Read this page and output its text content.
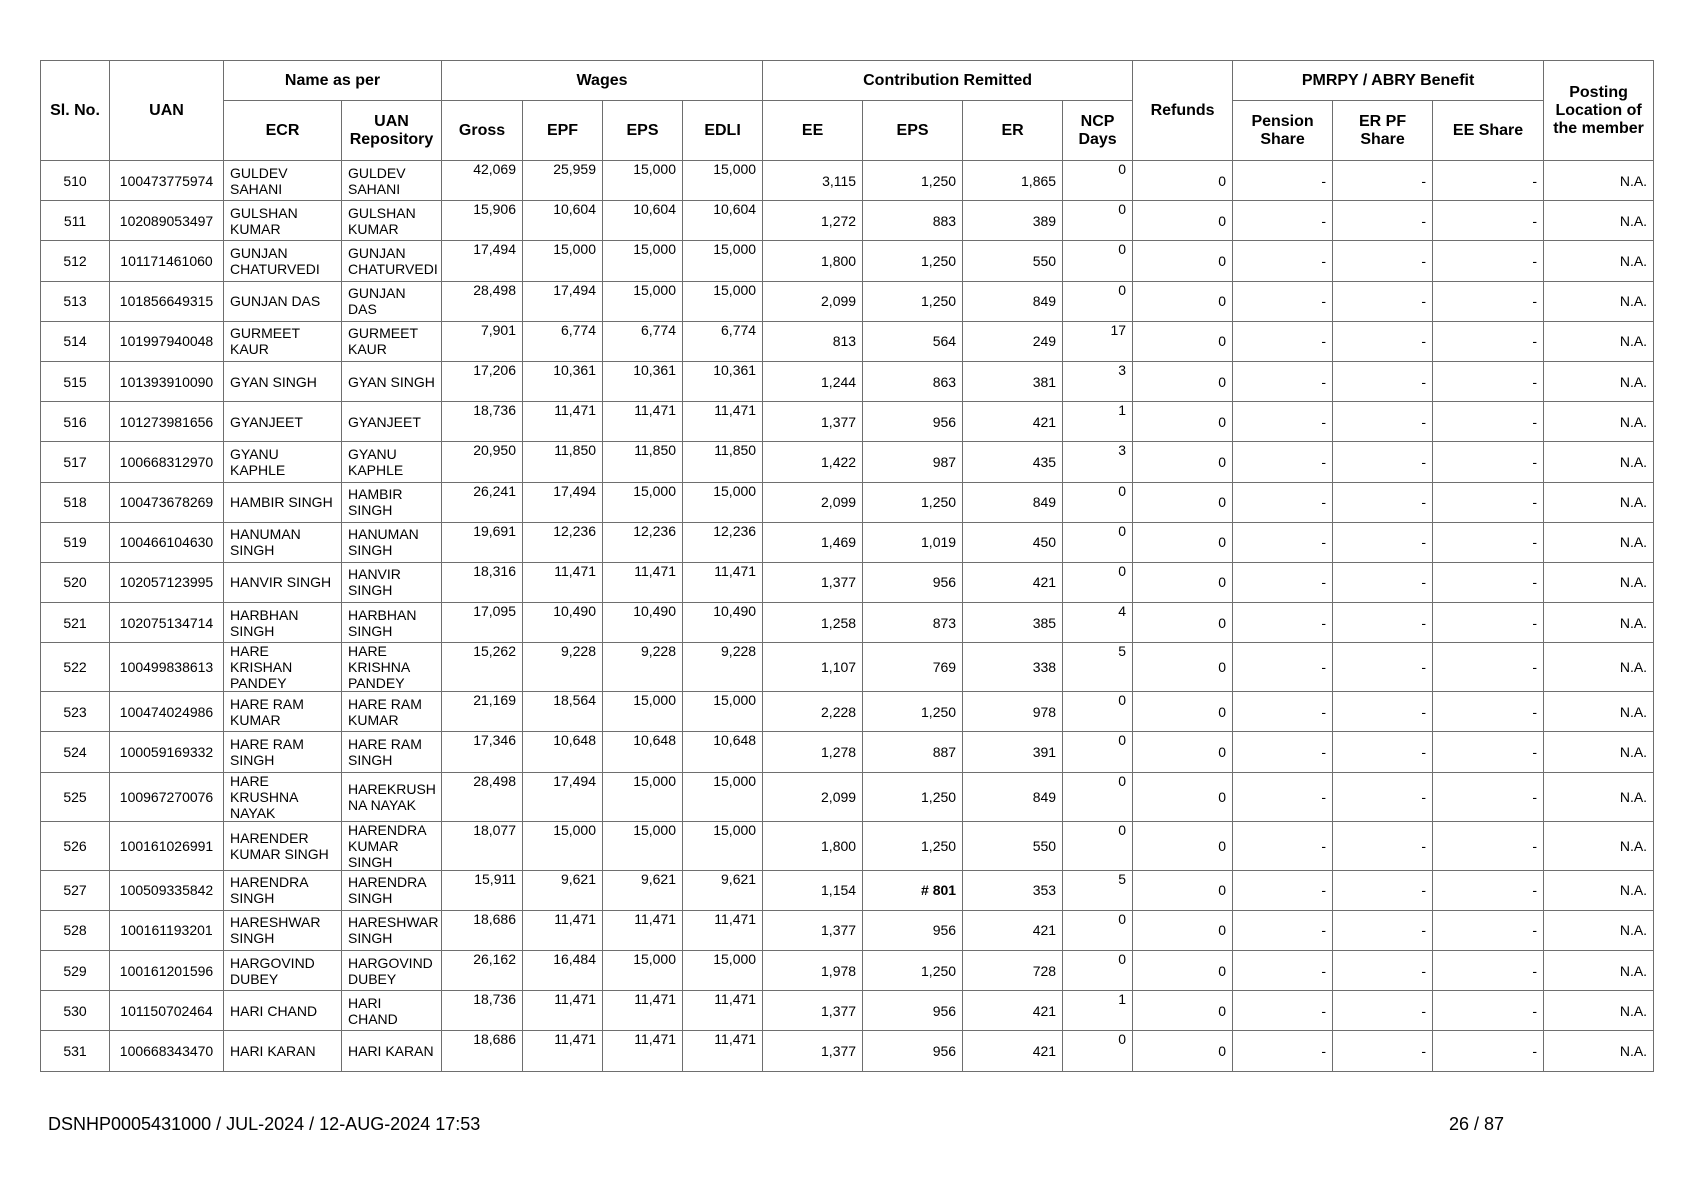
Sl. No.	UAN	Name as per		Wages				Contribution Remitted				Refunds	PMRPY / ABRY Benefit			Posting Location of the member
		ECR	UAN Repository	Gross	EPF	EPS	EDLI	EE	EPS	ER	NCP Days		Pension Share	ER PF Share	EE Share	
510	100473775974	GULDEV SAHANI	GULDEV SAHANI	42,069	25,959	15,000	15,000	3,115	1,250	1,865	0	0	-	-	-	N.A.
511	102089053497	GULSHAN KUMAR	GULSHAN KUMAR	15,906	10,604	10,604	10,604	1,272	883	389	0	0	-	-	-	N.A.
512	101171461060	GUNJAN CHATURVEDI	GUNJAN CHATURVEDI	17,494	15,000	15,000	15,000	1,800	1,250	550	0	0	-	-	-	N.A.
513	101856649315	GUNJAN DAS	GUNJAN DAS	28,498	17,494	15,000	15,000	2,099	1,250	849	0	0	-	-	-	N.A.
514	101997940048	GURMEET KAUR	GURMEET KAUR	7,901	6,774	6,774	6,774	813	564	249	17	0	-	-	-	N.A.
515	101393910090	GYAN SINGH	GYAN SINGH	17,206	10,361	10,361	10,361	1,244	863	381	3	0	-	-	-	N.A.
516	101273981656	GYANJEET	GYANJEET	18,736	11,471	11,471	11,471	1,377	956	421	1	0	-	-	-	N.A.
517	100668312970	GYANU KAPHLE	GYANU KAPHLE	20,950	11,850	11,850	11,850	1,422	987	435	3	0	-	-	-	N.A.
518	100473678269	HAMBIR SINGH	HAMBIR SINGH	26,241	17,494	15,000	15,000	2,099	1,250	849	0	0	-	-	-	N.A.
519	100466104630	HANUMAN SINGH	HANUMAN SINGH	19,691	12,236	12,236	12,236	1,469	1,019	450	0	0	-	-	-	N.A.
520	102057123995	HANVIR SINGH	HANVIR SINGH	18,316	11,471	11,471	11,471	1,377	956	421	0	0	-	-	-	N.A.
521	102075134714	HARBHAN SINGH	HARBHAN SINGH	17,095	10,490	10,490	10,490	1,258	873	385	4	0	-	-	-	N.A.
522	100499838613	HARE KRISHAN PANDEY	HARE KRISHNA PANDEY	15,262	9,228	9,228	9,228	1,107	769	338	5	0	-	-	-	N.A.
523	100474024986	HARE RAM KUMAR	HARE RAM KUMAR	21,169	18,564	15,000	15,000	2,228	1,250	978	0	0	-	-	-	N.A.
524	100059169332	HARE RAM SINGH	HARE RAM SINGH	17,346	10,648	10,648	10,648	1,278	887	391	0	0	-	-	-	N.A.
525	100967270076	HARE KRUSHNA NAYAK	HAREKRUSH NA NAYAK	28,498	17,494	15,000	15,000	2,099	1,250	849	0	0	-	-	-	N.A.
526	100161026991	HARENDER KUMAR SINGH	HARENDRA KUMAR SINGH	18,077	15,000	15,000	15,000	1,800	1,250	550	0	0	-	-	-	N.A.
527	100509335842	HARENDRA SINGH	HARENDRA SINGH	15,911	9,621	9,621	9,621	1,154	# 801	353	5	0	-	-	-	N.A.
528	100161193201	HARESHWAR SINGH	HARESHWAR SINGH	18,686	11,471	11,471	11,471	1,377	956	421	0	0	-	-	-	N.A.
529	100161201596	HARGOVIND DUBEY	HARGOVIND DUBEY	26,162	16,484	15,000	15,000	1,978	1,250	728	0	0	-	-	-	N.A.
530	101150702464	HARI CHAND	HARI CHAND	18,736	11,471	11,471	11,471	1,377	956	421	1	0	-	-	-	N.A.
531	100668343470	HARI KARAN	HARI KARAN	18,686	11,471	11,471	11,471	1,377	956	421	0	0	-	-	-	N.A.
DSNHP0005431000 / JUL-2024 / 12-AUG-2024 17:53	26 / 87
